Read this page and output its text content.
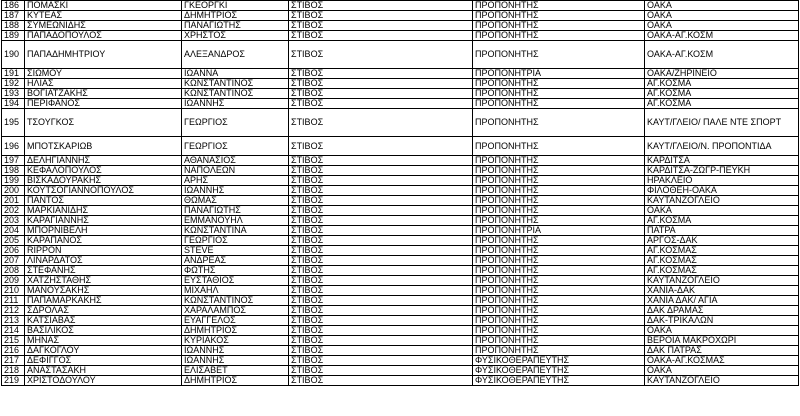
186	ΠΟΜΑΣΚΙ	ΓΚΕΟΡΓΚΙ	ΣΤΙΒΟΣ	ΠΡΟΠΟΝΗΤΗΣ	ΟΑΚΑ
187	ΚΥΤΕΑΣ	ΔΗΜΗΤΡΙΟΣ	ΣΤΙΒΟΣ	ΠΡΟΠΟΝΗΤΗΣ	ΟΑΚΑ
188	ΣΥΜΕΩΝΙΔΗΣ	ΠΑΝΑΓΙΩΤΗΣ	ΣΤΙΒΟΣ	ΠΡΟΠΟΝΗΤΗΣ	ΟΑΚΑ
189	ΠΑΠΑΔΟΠΟΥΛΟΣ	ΧΡΗΣΤΟΣ	ΣΤΙΒΟΣ	ΠΡΟΠΟΝΗΤΗΣ	ΟΑΚΑ-ΑΓ.ΚΟΣΜ
190	ΠΑΠΑΔΗΜΗΤΡΙΟΥ	ΑΛΕΞΑΝΔΡΟΣ	ΣΤΙΒΟΣ	ΠΡΟΠΟΝΗΤΗΣ	ΟΑΚΑ-ΑΓ.ΚΟΣΜ
191	ΣΙΩΜΟΥ	ΙΩΑΝΝΑ	ΣΤΙΒΟΣ	ΠΡΟΠΟΝΗΤΡΙΑ	ΟΑΚΑ/ΖΗΡΙΝΕΙΟ
192	ΗΛΙΑΣ	ΚΩΝΣΤΑΝΤΙΝΟΣ	ΣΤΙΒΟΣ	ΠΡΟΠΟΝΗΤΗΣ	ΑΓ.ΚΟΣΜΑ
193	ΒΟΓΙΑΤΖΑΚΗΣ	ΚΩΝΣΤΑΝΤΙΝΟΣ	ΣΤΙΒΟΣ	ΠΡΟΠΟΝΗΤΗΣ	ΑΓ.ΚΟΣΜΑ
194	ΠΕΡΙΦΑΝΟΣ	ΙΩΑΝΝΗΣ	ΣΤΙΒΟΣ	ΠΡΟΠΟΝΗΤΗΣ	ΑΓ.ΚΟΣΜΑ
195	ΤΣΟΥΓΚΟΣ	ΓΕΩΡΓΙΟΣ	ΣΤΙΒΟΣ	ΠΡΟΠΟΝΗΤΗΣ	ΚΑΥΤ/ΓΛΕΙΟ/ ΠΑΛΕ ΝΤΕ ΣΠΟΡΤ
196	ΜΠΟΤΣΚΑΡΙΩΒ	ΓΕΩΡΓΙΟΣ	ΣΤΙΒΟΣ	ΠΡΟΠΟΝΗΤΗΣ	ΚΑΥΤ/ΓΛΕΙΟ/Ν. ΠΡΟΠΟΝΤΙΔΑ
197	ΔΕΛΗΓΙΑΝΝΗΣ	ΑΘΑΝΑΣΙΟΣ	ΣΤΙΒΟΣ	ΠΡΟΠΟΝΗΤΗΣ	ΚΑΡΔΙΤΣΑ
198	ΚΕΦΑΛΟΠΟΥΛΟΣ	ΝΑΠΟΛΕΩΝ	ΣΤΙΒΟΣ	ΠΡΟΠΟΝΗΤΗΣ	ΚΑΡΔΙΤΣΑ-ΖΩΓΡ-ΠΕΥΚΗ
199	ΒΙΣΚΑΔΟΥΡΑΚΗΣ	ΑΡΗΣ	ΣΤΙΒΟΣ	ΠΡΟΠΟΝΗΤΗΣ	ΗΡΑΚΛΕΙΟ
200	ΚΟΥΤΣΟΓΙΑΝΝΟΠΟΥΛΟΣ	ΙΩΑΝΝΗΣ	ΣΤΙΒΟΣ	ΠΡΟΠΟΝΗΤΗΣ	ΦΙΛΟΘΕΗ-ΟΑΚΑ
201	ΠΑΝΤΟΣ	ΘΩΜΑΣ	ΣΤΙΒΟΣ	ΠΡΟΠΟΝΗΤΗΣ	ΚΑΥΤΑΝΖΟΓΛΕΙΟ
202	ΜΑΡΚΙΑΝΙΔΗΣ	ΠΑΝΑΓΙΩΤΗΣ	ΣΤΙΒΟΣ	ΠΡΟΠΟΝΗΤΗΣ	ΟΑΚΑ
203	ΚΑΡΑΓΙΑΝΝΗΣ	ΕΜΜΑΝΟΥΗΛ	ΣΤΙΒΟΣ	ΠΡΟΠΟΝΗΤΗΣ	ΑΓ.ΚΟΣΜΑ
204	ΜΠΟΡΝΙΒΕΛΗ	ΚΩΝΣΤΑΝΤΙΝΑ	ΣΤΙΒΟΣ	ΠΡΟΠΟΝΗΤΡΙΑ	ΠΑΤΡΑ
205	ΚΑΡΑΠΑΝΟΣ	ΓΕΩΡΓΙΟΣ	ΣΤΙΒΟΣ	ΠΡΟΠΟΝΗΤΗΣ	ΑΡΓΟΣ-ΔΑΚ
206	RIPPON	STEVE	ΣΤΙΒΟΣ	ΠΡΟΠΟΝΗΤΗΣ	ΑΓ.ΚΟΣΜΑΣ
207	ΛΙΝΑΡΔΑΤΟΣ	ΑΝΔΡΕΑΣ	ΣΤΙΒΟΣ	ΠΡΟΠΟΝΗΤΗΣ	ΑΓ.ΚΟΣΜΑΣ
208	ΣΤΕΦΑΝΗΣ	ΦΩΤΗΣ	ΣΤΙΒΟΣ	ΠΡΟΠΟΝΗΤΗΣ	ΑΓ.ΚΟΣΜΑΣ
209	ΧΑΤΖΗΣΤΑΘΗΣ	ΕΥΣΤΑΘΙΟΣ	ΣΤΙΒΟΣ	ΠΡΟΠΟΝΗΤΗΣ	ΚΑΥΤΑΝΖΟΓΛΕΙΟ
210	ΜΑΝΟΥΣΑΚΗΣ	ΜΙΧΑΗΛ	ΣΤΙΒΟΣ	ΠΡΟΠΟΝΗΤΗΣ	ΧΑΝΙΑ-ΔΑΚ
211	ΠΑΠΑΜΑΡΚΑΚΗΣ	ΚΩΝΣΤΑΝΤΙΝΟΣ	ΣΤΙΒΟΣ	ΠΡΟΠΟΝΗΤΗΣ	ΧΑΝΙΑ ΔΑΚ/ ΑΓΙΑ
212	ΣΔΡΟΛΑΣ	ΧΑΡΑΛΑΜΠΟΣ	ΣΤΙΒΟΣ	ΠΡΟΠΟΝΗΤΗΣ	ΔΑΚ ΔΡΑΜΑΣ
213	ΚΑΤΣΙΑΒΑΣ	ΕΥΑΓΓΕΛΟΣ	ΣΤΙΒΟΣ	ΠΡΟΠΟΝΗΤΗΣ	ΔΑΚ-ΤΡΙΚΑΛΩΝ
214	ΒΑΣΙΛΙΚΟΣ	ΔΗΜΗΤΡΙΟΣ	ΣΤΙΒΟΣ	ΠΡΟΠΟΝΗΤΗΣ	ΟΑΚΑ
215	ΜΗΝΑΣ	ΚΥΡΙΑΚΟΣ	ΣΤΙΒΟΣ	ΠΡΟΠΟΝΗΤΗΣ	ΒΕΡΟΙΑ ΜΑΚΡΟΧΩΡΙ
216	ΔΑΓΚΟΓΛΟΥ	ΙΩΑΝΝΗΣ	ΣΤΙΒΟΣ	ΠΡΟΠΟΝΗΤΗΣ	ΔΑΚ ΠΑΤΡΑΣ
217	ΔΕΦΙΓΓΟΣ	ΙΩΑΝΝΗΣ	ΣΤΙΒΟΣ	ΦΥΣΙΚΟΘΕΡΑΠΕΥΤΗΣ	ΟΑΚΑ-ΑΓ.ΚΟΣΜΑΣ
218	ΑΝΑΣΤΑΣΑΚΗ	ΕΛΙΣΑΒΕΤ	ΣΤΙΒΟΣ	ΦΥΣΙΚΟΘΕΡΑΠΕΥΤΗΣ	ΟΑΚΑ
219	ΧΡΙΣΤΟΔΟΥΛΟΥ	ΔΗΜΗΤΡΙΟΣ	ΣΤΙΒΟΣ	ΦΥΣΙΚΟΘΕΡΑΠΕΥΤΗΣ	ΚΑΥΤΑΝΖΟΓΛΕΙΟ
